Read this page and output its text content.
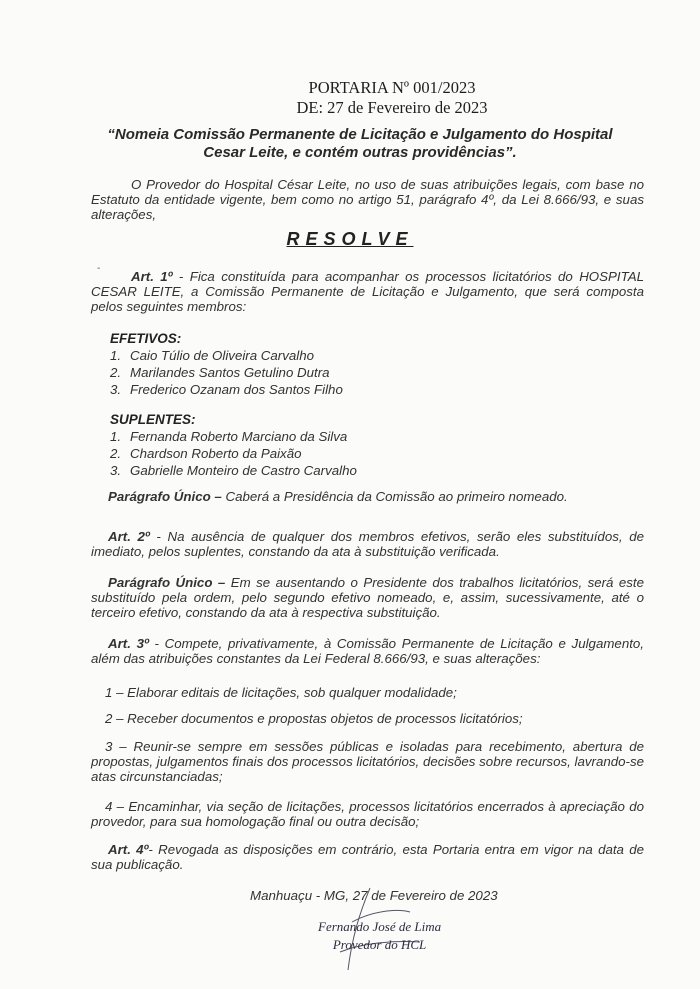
PORTARIA Nº 001/2023
DE: 27 de Fevereiro de 2023
“Nomeia Comissão Permanente de Licitação e Julgamento do Hospital Cesar Leite, e contém outras providências”.
O Provedor do Hospital César Leite, no uso de suas atribuições legais, com base no Estatuto da entidade vigente, bem como no artigo 51, parágrafo 4º, da Lei 8.666/93, e suas alterações,
RESOLVE
-
Art. 1º - Fica constituída para acompanhar os processos licitatórios do HOSPITAL CESAR LEITE, a Comissão Permanente de Licitação e Julgamento, que será composta pelos seguintes membros:
EFETIVOS:
1. Caio Túlio de Oliveira Carvalho
2. Marilandes Santos Getulino Dutra
3. Frederico Ozanam dos Santos Filho
SUPLENTES:
1. Fernanda Roberto Marciano da Silva
2. Chardson Roberto da Paixão
3. Gabrielle Monteiro de Castro Carvalho
Parágrafo Único – Caberá a Presidência da Comissão ao primeiro nomeado.
Art. 2º - Na ausência de qualquer dos membros efetivos, serão eles substituídos, de imediato, pelos suplentes, constando da ata à substituição verificada.
Parágrafo Único – Em se ausentando o Presidente dos trabalhos licitatórios, será este substituído pela ordem, pelo segundo efetivo nomeado, e, assim, sucessivamente, até o terceiro efetivo, constando da ata à respectiva substituição.
Art. 3º - Compete, privativamente, à Comissão Permanente de Licitação e Julgamento, além das atribuições constantes da Lei Federal 8.666/93, e suas alterações:
1 – Elaborar editais de licitações, sob qualquer modalidade;
2 – Receber documentos e propostas objetos de processos licitatórios;
3 – Reunir-se sempre em sessões públicas e isoladas para recebimento, abertura de propostas, julgamentos finais dos processos licitatórios, decisões sobre recursos, lavrando-se atas circunstanciadas;
4 – Encaminhar, via seção de licitações, processos licitatórios encerrados à apreciação do provedor, para sua homologação final ou outra decisão;
Art. 4º- Revogada as disposições em contrário, esta Portaria entra em vigor na data de sua publicação.
Manhuaçu - MG, 27 de Fevereiro de 2023
Fernando José de Lima
Provedor do HCL
